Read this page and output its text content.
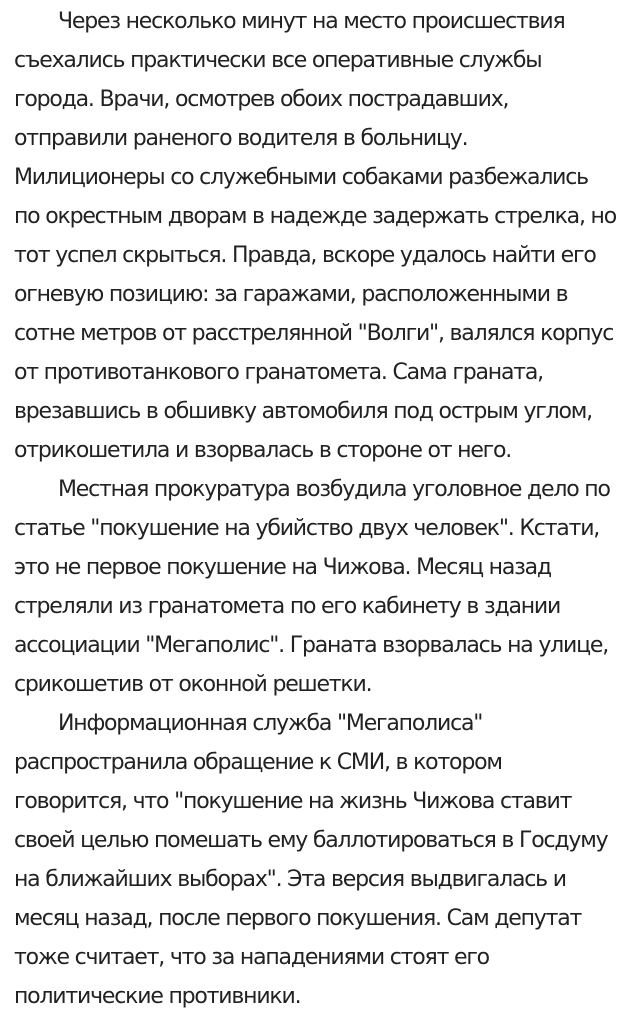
Через несколько минут на место происшествия
съехались практически все оперативные службы
города. Врачи, осмотрев обоих пострадавших,
отправили раненого водителя в больницу.
Милиционеры со служебными собаками разбежались
по окрестным дворам в надежде задержать стрелка, но
тот успел скрыться. Правда, вскоре удалось найти его
огневую позицию: за гаражами, расположенными в
сотне метров от расстрелянной "Волги", валялся корпус
от противотанкового гранатомета. Сама граната,
врезавшись в обшивку автомобиля под острым углом,
отрикошетила и взорвалась в стороне от него.
Местная прокуратура возбудила уголовное дело по
статье "покушение на убийство двух человек". Кстати,
это не первое покушение на Чижова. Месяц назад
стреляли из гранатомета по его кабинету в здании
ассоциации "Мегаполис". Граната взорвалась на улице,
срикошетив от оконной решетки.
Информационная служба "Мегаполиса"
распространила обращение к СМИ, в котором
говорится, что "покушение на жизнь Чижова ставит
своей целью помешать ему баллотироваться в Госдуму
на ближайших выборах". Эта версия выдвигалась и
месяц назад, после первого покушения. Сам депутат
тоже считает, что за нападениями стоят его
политические противники.
